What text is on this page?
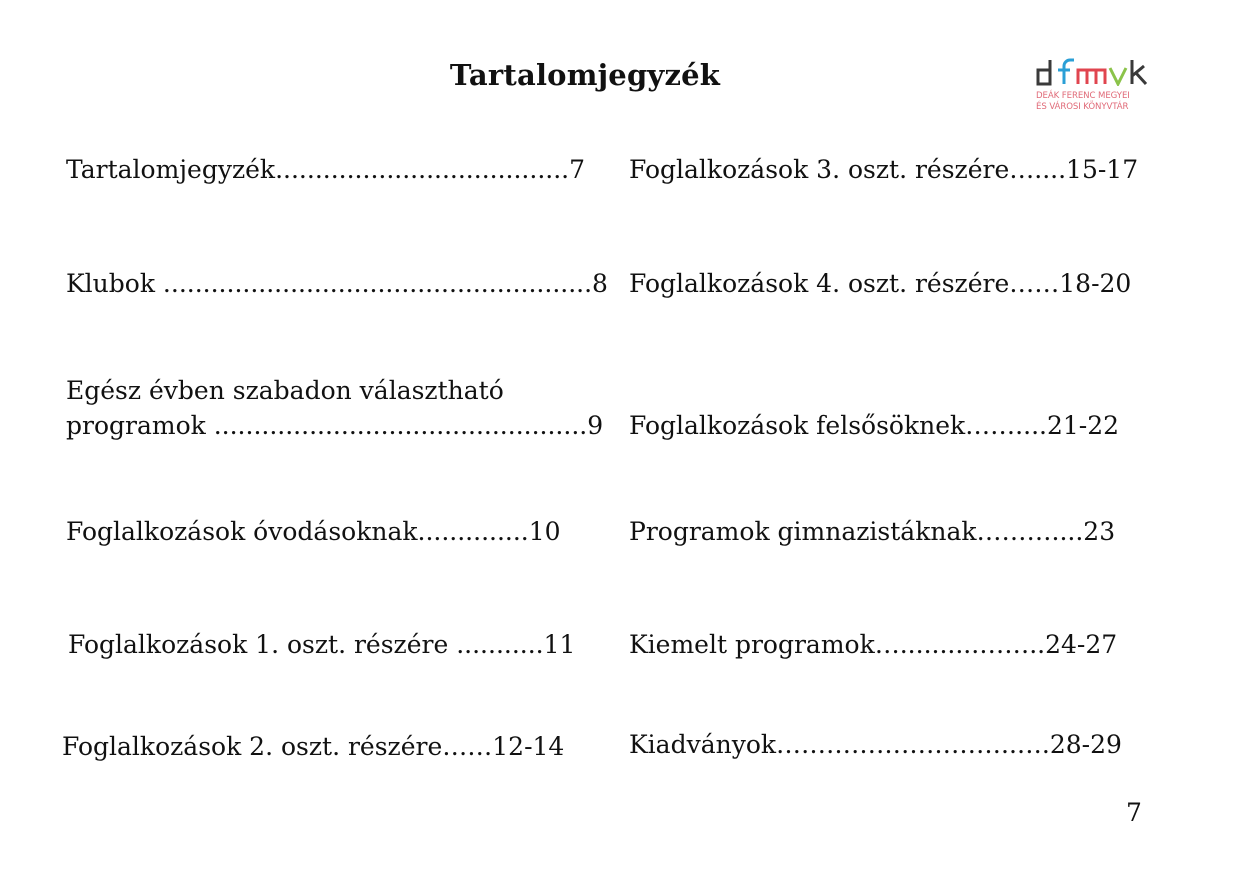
Tartalomjegyzék
DEÁK FERENC MEGYEI
ÉS VÁROSI KÖNYVTÁR
Tartalomjegyzék.....................................7
Klubok ......................................................8
Egész évben szabadon választható
programok ...............................................9
Foglalkozások óvodásoknak..............10
Foglalkozások 1. oszt. részére ...........11
Foglalkozások 2. oszt. részére……12-14
Foglalkozások 3. oszt. részére…....15-17
Foglalkozások 4. oszt. részére……18-20
Foglalkozások felsősöknek……....21-22
Programok gimnazistáknak………....23
Kiemelt programok…..........……..24-27
Kiadványok………………………..….28-29
7
